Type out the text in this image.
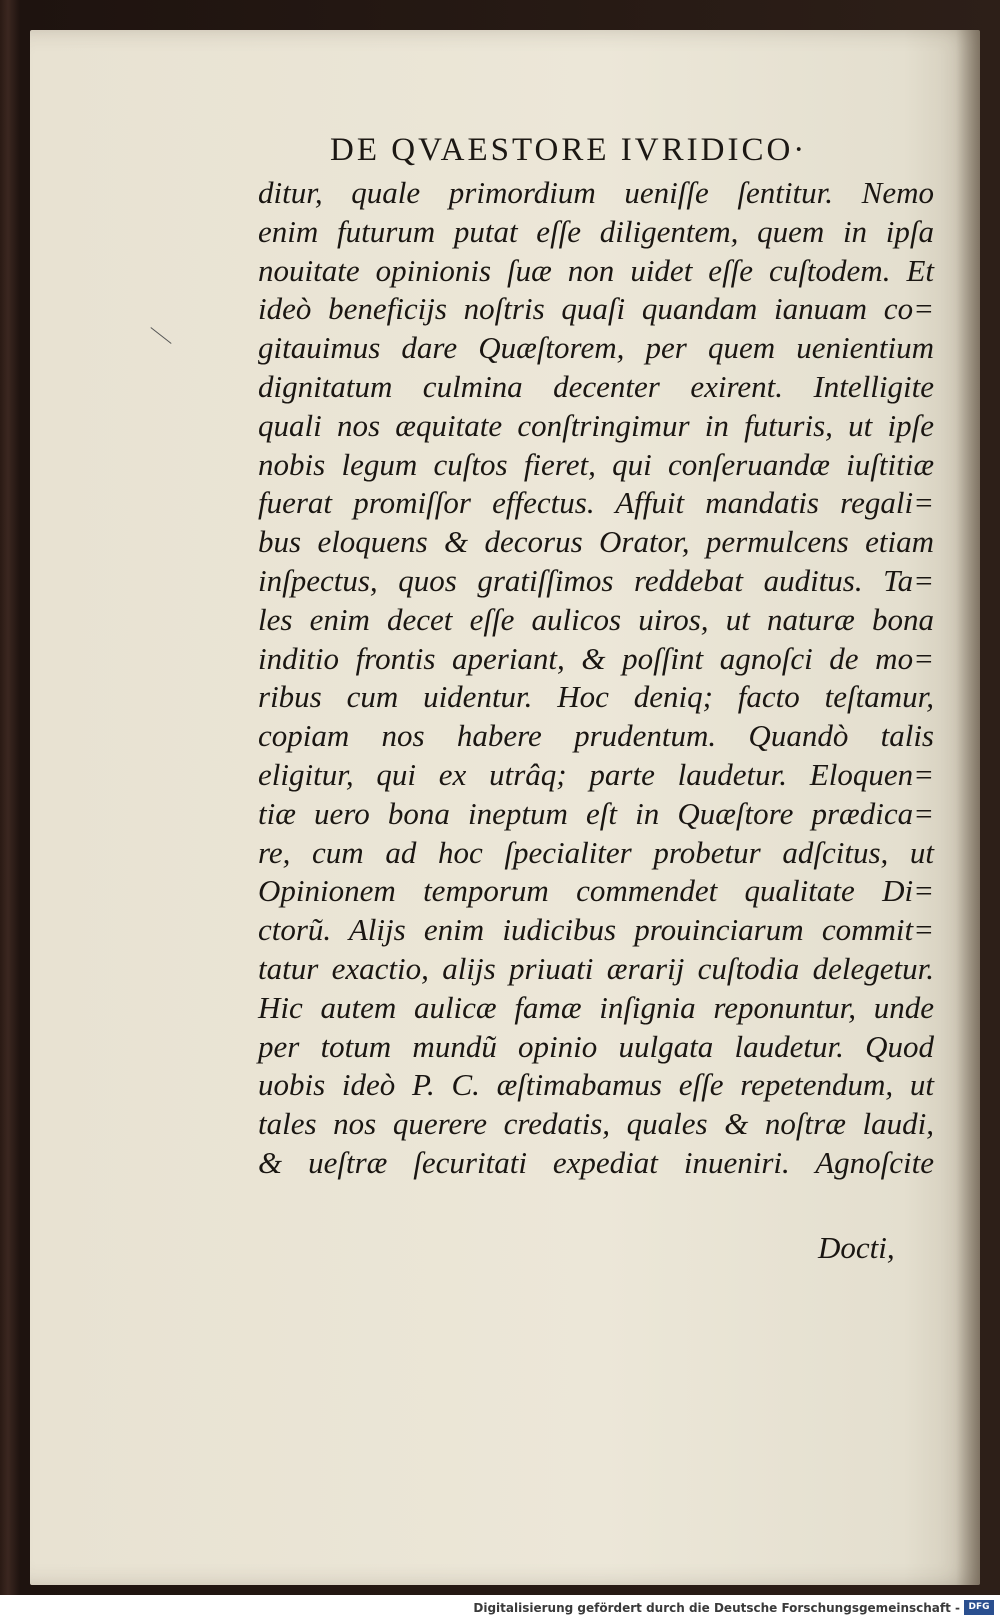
DE QVAESTORE IVRIDICO·
ditur, quale primordium ueniſſe ſentitur. Nemo
enim futurum putat eſſe diligentem, quem in ipſa
nouitate opinionis ſuæ non uidet eſſe cuſtodem. Et
ideò beneficijs noſtris quaſi quandam ianuam co=
gitauimus dare Quæſtorem, per quem uenientium
dignitatum culmina decenter exirent. Intelligite
quali nos æquitate conſtringimur in futuris, ut ipſe
nobis legum cuſtos fieret, qui conſeruandæ iuſtitiæ
fuerat promiſſor effectus. Affuit mandatis regali=
bus eloquens & decorus Orator, permulcens etiam
inſpectus, quos gratiſſimos reddebat auditus. Ta=
les enim decet eſſe aulicos uiros, ut naturæ bona
inditio frontis aperiant, & poſſint agnoſci de mo=
ribus cum uidentur. Hoc deniq; facto teſtamur,
copiam nos habere prudentum. Quandò talis
eligitur, qui ex utrâq; parte laudetur. Eloquen=
tiæ uero bona ineptum eſt in Quæſtore prædica=
re, cum ad hoc ſpecialiter probetur adſcitus, ut
Opinionem temporum commendet qualitate Di=
ctorũ. Alijs enim iudicibus prouinciarum commit=
tatur exactio, alijs priuati ærarij cuſtodia delegetur.
Hic autem aulicæ famæ inſignia reponuntur, unde
per totum mundũ opinio uulgata laudetur. Quod
uobis ideò P. C. æſtimabamus eſſe repetendum, ut
tales nos querere credatis, quales & noſtræ laudi,
& ueſtræ ſecuritati expediat inueniri. Agnoſcite
Docti,
Digitalisierung gefördert durch die Deutsche Forschungsgemeinschaft - DFG
